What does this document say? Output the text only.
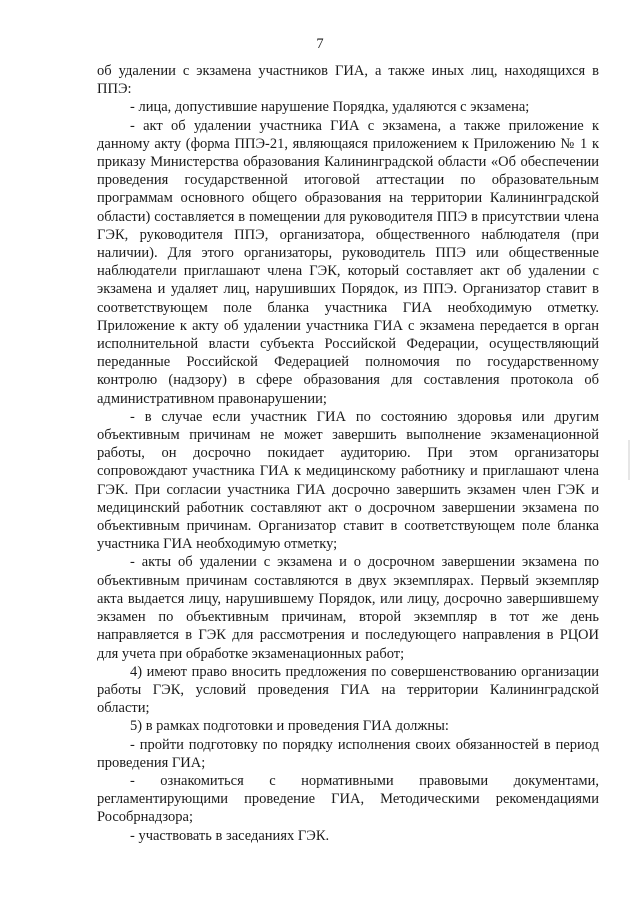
7

об удалении с экзамена участников ГИА, а также иных лиц, находящихся в ППЭ:

- лица, допустившие нарушение Порядка, удаляются с экзамена;

- акт об удалении участника ГИА с экзамена, а также приложение к данному акту (форма ППЭ-21, являющаяся приложением к Приложению № 1 к приказу Министерства образования Калининградской области «Об обеспечении проведения государственной итоговой аттестации по образовательным программам основного общего образования на территории Калининградской области) составляется в помещении для руководителя ППЭ в присутствии члена ГЭК, руководителя ППЭ, организатора, общественного наблюдателя (при наличии). Для этого организаторы, руководитель ППЭ или общественные наблюдатели приглашают члена ГЭК, который составляет акт об удалении с экзамена и удаляет лиц, нарушивших Порядок, из ППЭ. Организатор ставит в соответствующем поле бланка участника ГИА необходимую отметку. Приложение к акту об удалении участника ГИА с экзамена передается в орган исполнительной власти субъекта Российской Федерации, осуществляющий переданные Российской Федерацией полномочия по государственному контролю (надзору) в сфере образования для составления протокола об административном правонарушении;

- в случае если участник ГИА по состоянию здоровья или другим объективным причинам не может завершить выполнение экзаменационной работы, он досрочно покидает аудиторию. При этом организаторы сопровождают участника ГИА к медицинскому работнику и приглашают члена ГЭК. При согласии участника ГИА досрочно завершить экзамен член ГЭК и медицинский работник составляют акт о досрочном завершении экзамена по объективным причинам. Организатор ставит в соответствующем поле бланка участника ГИА необходимую отметку;

- акты об удалении с экзамена и о досрочном завершении экзамена по объективным причинам составляются в двух экземплярах. Первый экземпляр акта выдается лицу, нарушившему Порядок, или лицу, досрочно завершившему экзамен по объективным причинам, второй экземпляр в тот же день направляется в ГЭК для рассмотрения и последующего направления в РЦОИ для учета при обработке экзаменационных работ;

4) имеют право вносить предложения по совершенствованию организации работы ГЭК, условий проведения ГИА на территории Калининградской области;

5) в рамках подготовки и проведения ГИА должны:

- пройти подготовку по порядку исполнения своих обязанностей в период проведения ГИА;

- ознакомиться с нормативными правовыми документами, регламентирующими проведение ГИА, Методическими рекомендациями Рособрнадзора;

- участвовать в заседаниях ГЭК.
